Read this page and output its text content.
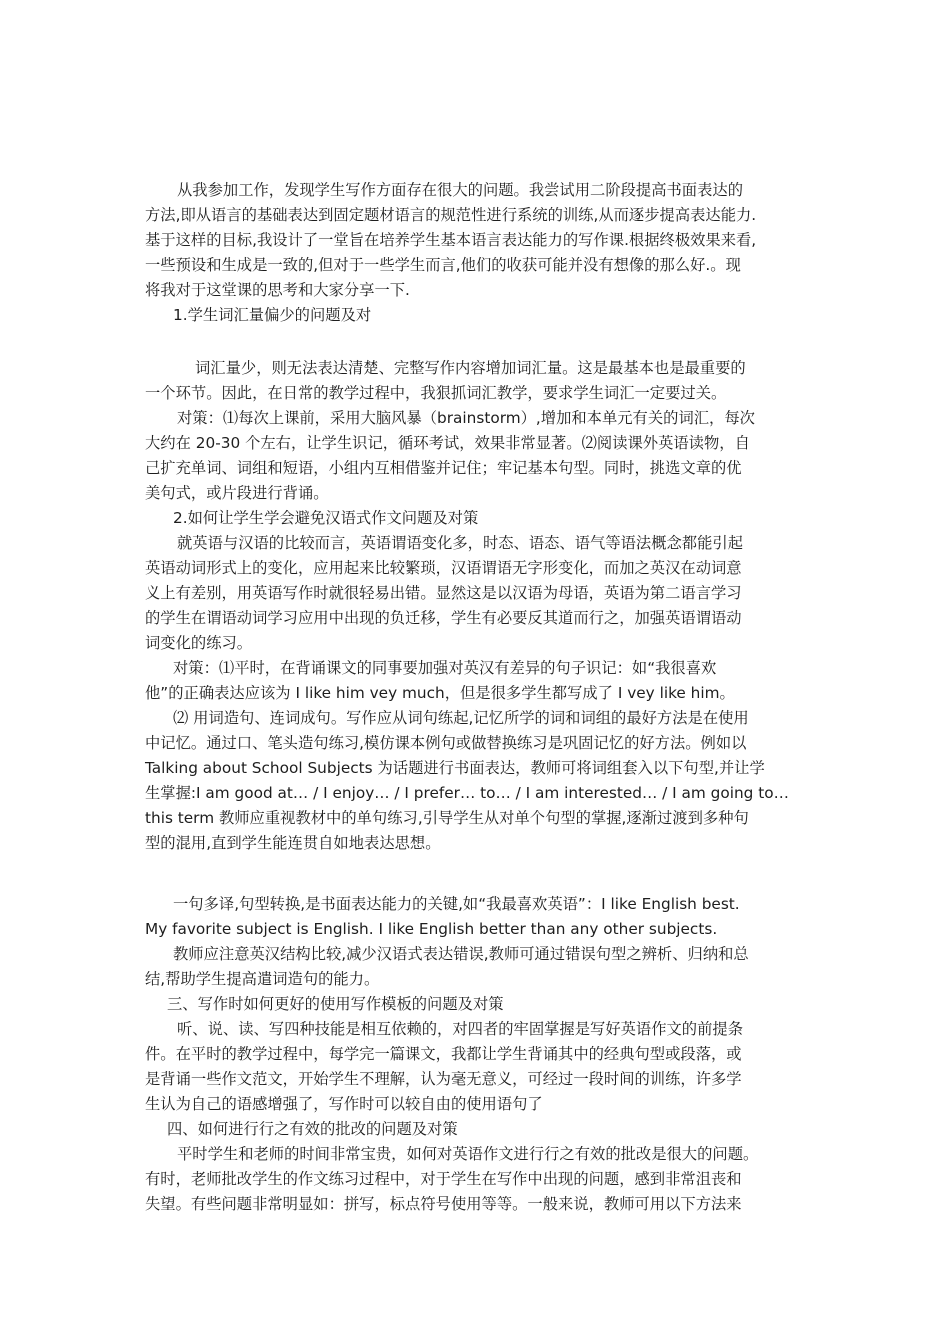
从我参加工作，发现学生写作方面存在很大的问题。我尝试用二阶段提高书面表达的

方法,即从语言的基础表达到固定题材语言的规范性进行系统的训练,从而逐步提高表达能力.

基于这样的目标,我设计了一堂旨在培养学生基本语言表达能力的写作课.根据终极效果来看,

一些预设和生成是一致的,但对于一些学生而言,他们的收获可能并没有想像的那么好.。现

将我对于这堂课的思考和大家分享一下.

1.学生词汇量偏少的问题及对

词汇量少，则无法表达清楚、完整写作内容增加词汇量。这是最基本也是最重要的

一个环节。因此，在日常的教学过程中，我狠抓词汇教学，要求学生词汇一定要过关。

对策：⑴每次上课前，采用大脑风暴（brainstorm）,增加和本单元有关的词汇，每次

大约在 20-30 个左右，让学生识记，循环考试，效果非常显著。⑵阅读课外英语读物，自

己扩充单词、词组和短语，小组内互相借鉴并记住；牢记基本句型。同时，挑选文章的优

美句式，或片段进行背诵。

2.如何让学生学会避免汉语式作文问题及对策

就英语与汉语的比较而言，英语谓语变化多，时态、语态、语气等语法概念都能引起

英语动词形式上的变化，应用起来比较繁琐，汉语谓语无字形变化，而加之英汉在动词意

义上有差别，用英语写作时就很轻易出错。显然这是以汉语为母语，英语为第二语言学习

的学生在谓语动词学习应用中出现的负迁移，学生有必要反其道而行之，加强英语谓语动

词变化的练习。

对策：⑴平时，在背诵课文的同事要加强对英汉有差异的句子识记：如“我很喜欢

他”的正确表达应该为 I like him vey much，但是很多学生都写成了 I vey like him。

⑵ 用词造句、连词成句。写作应从词句练起,记忆所学的词和词组的最好方法是在使用

中记忆。通过口、笔头造句练习,模仿课本例句或做替换练习是巩固记忆的好方法。例如以

Talking about School Subjects 为话题进行书面表达，教师可将词组套入以下句型,并让学

生掌握:I am good at… / I enjoy… / I prefer… to… / I am interested… / I am going to…

this term 教师应重视教材中的单句练习,引导学生从对单个句型的掌握,逐渐过渡到多种句

型的混用,直到学生能连贯自如地表达思想。

一句多译,句型转换,是书面表达能力的关键,如“我最喜欢英语”：I like English best.

My favorite subject is English. I like English better than any other subjects.

教师应注意英汉结构比较,减少汉语式表达错误,教师可通过错误句型之辨析、归纳和总

结,帮助学生提高遣词造句的能力。

三、写作时如何更好的使用写作模板的问题及对策

听、说、读、写四种技能是相互依赖的，对四者的牢固掌握是写好英语作文的前提条

件。在平时的教学过程中，每学完一篇课文，我都让学生背诵其中的经典句型或段落，或

是背诵一些作文范文，开始学生不理解，认为毫无意义，可经过一段时间的训练，许多学

生认为自己的语感增强了，写作时可以较自由的使用语句了

四、如何进行行之有效的批改的问题及对策

平时学生和老师的时间非常宝贵，如何对英语作文进行行之有效的批改是很大的问题。

有时，老师批改学生的作文练习过程中，对于学生在写作中出现的问题，感到非常沮丧和

失望。有些问题非常明显如：拼写，标点符号使用等等。一般来说，教师可用以下方法来
